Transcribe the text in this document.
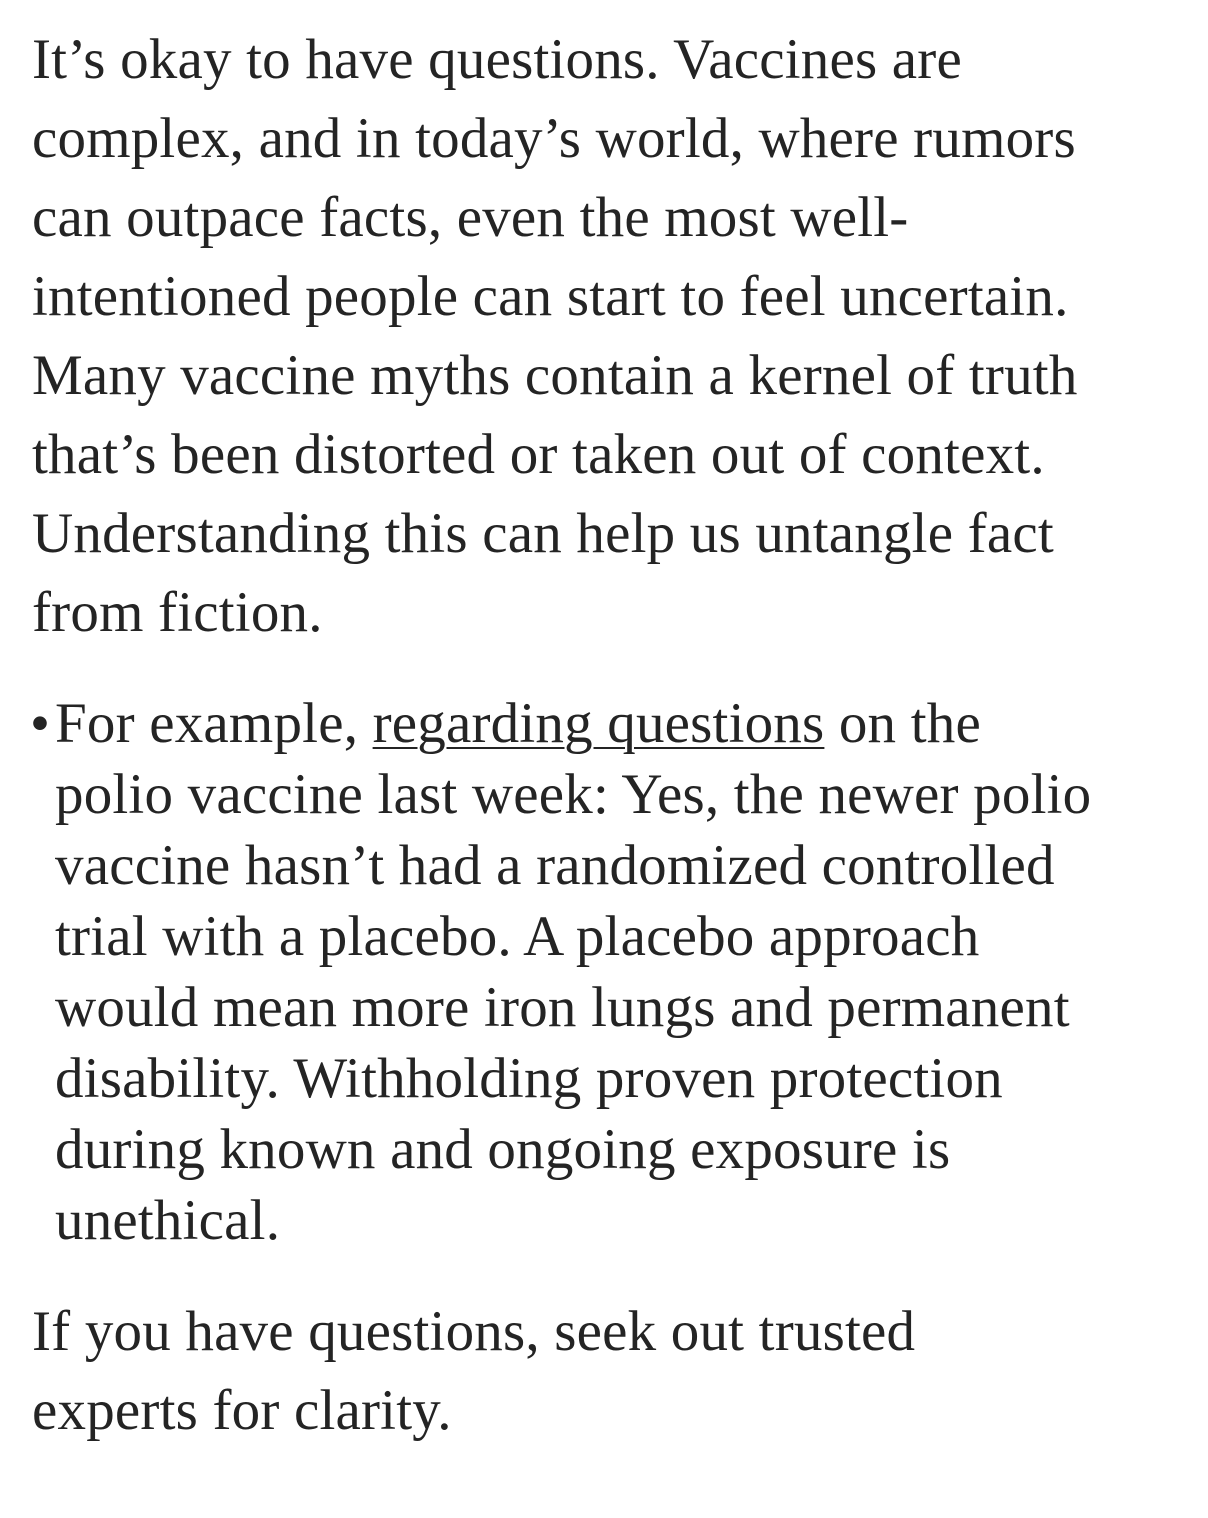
It’s okay to have questions. Vaccines are
complex, and in today’s world, where rumors
can outpace facts, even the most well-
intentioned people can start to feel uncertain.
Many vaccine myths contain a kernel of truth
that’s been distorted or taken out of context.
Understanding this can help us untangle fact
from fiction.

• For example, regarding questions on the
polio vaccine last week: Yes, the newer polio
vaccine hasn’t had a randomized controlled
trial with a placebo. A placebo approach
would mean more iron lungs and permanent
disability. Withholding proven protection
during known and ongoing exposure is
unethical.

If you have questions, seek out trusted
experts for clarity.
